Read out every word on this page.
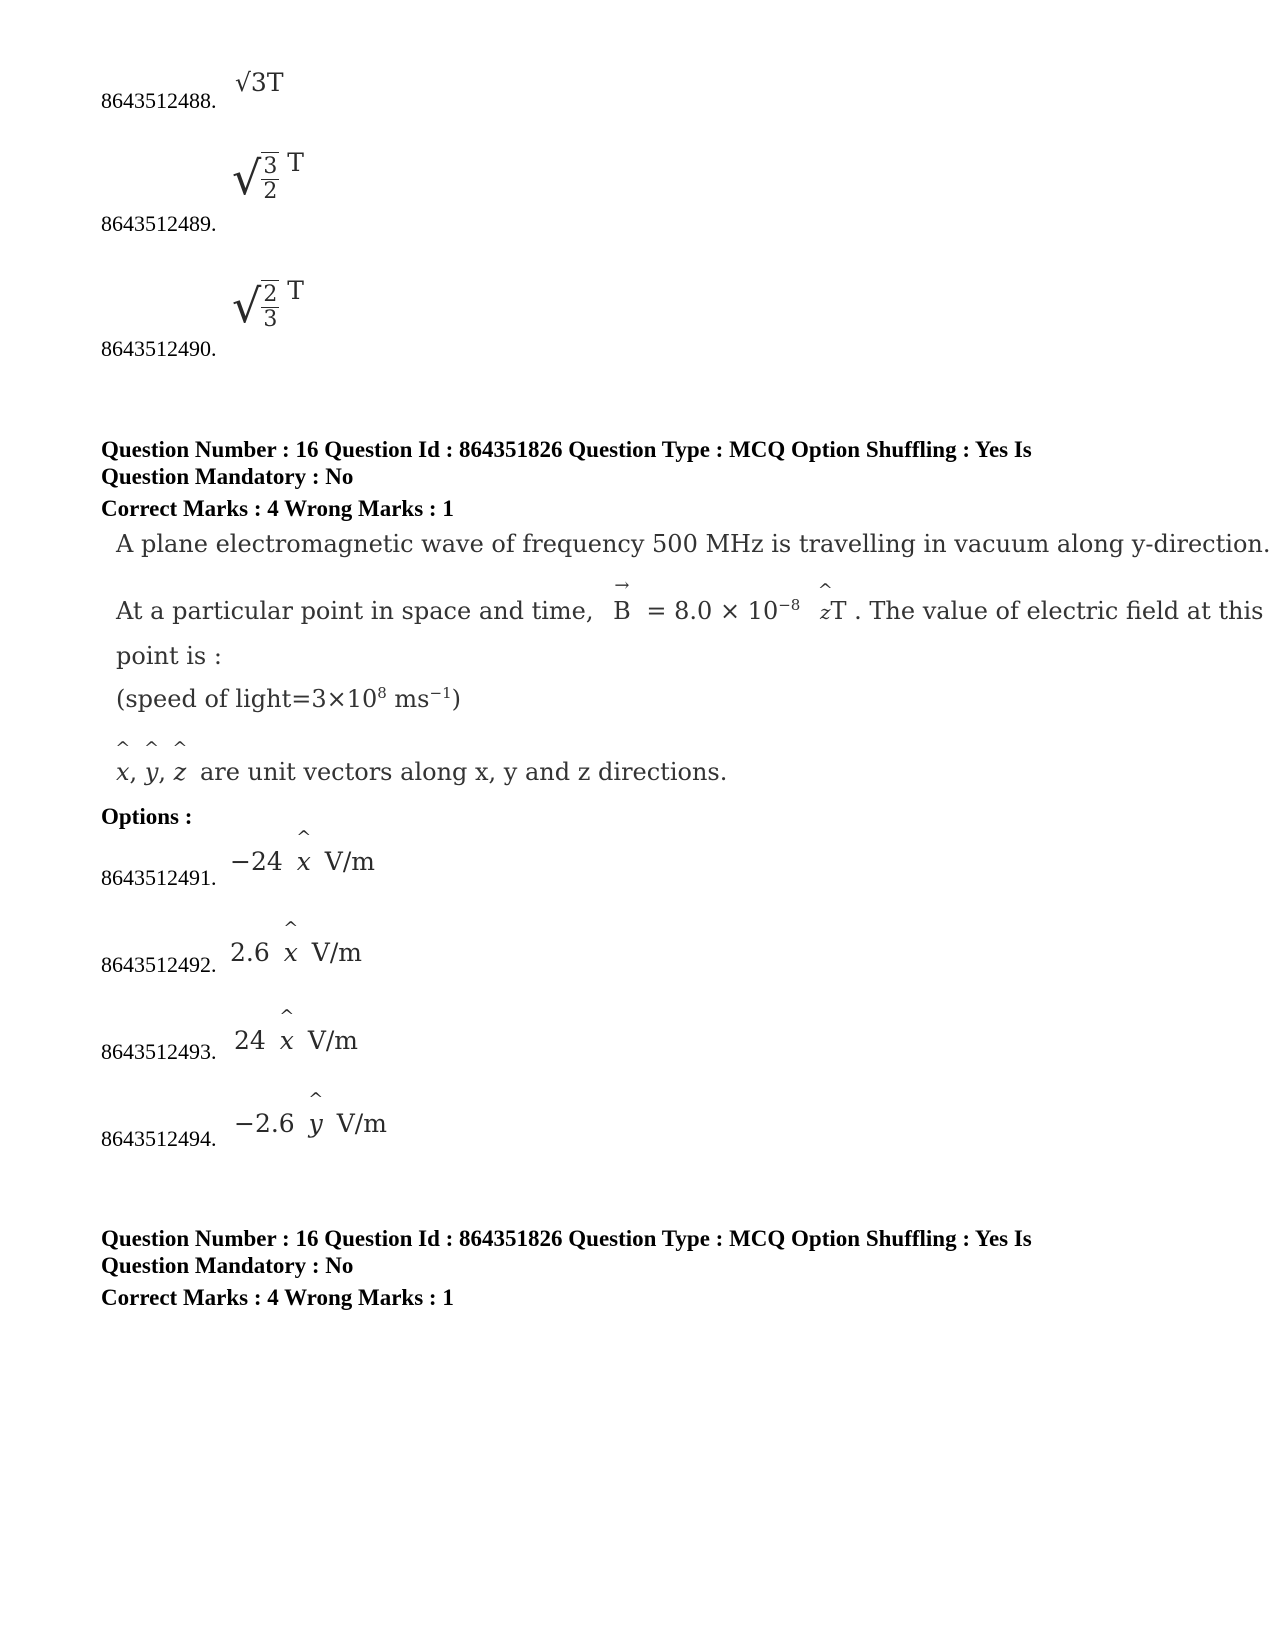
8643512488.
√3T
8643512489.
√ $\frac{3}{2}$ T
8643512490.
√ $\frac{2}{3}$ T
Question Number : 16 Question Id : 864351826 Question Type : MCQ Option Shuffling : Yes Is
Question Mandatory : No
Correct Marks : 4 Wrong Marks : 1
A plane electromagnetic wave of frequency 500 MHz is travelling in vacuum along y-direction.
At a particular point in space and time, → $B = 8.0 \times 10^{-8}$ ^ zT . The value of electric field at this
point is :
(speed of $light=3\times 10^8$ $ms^{-1}$)
^ x, ^ y, ^ z are unit vectors along x, y and z directions.
Options :
8643512491.
−24 ^ x V/m
8643512492. 2.6 ^ x V/m
8643512493. 24 ^ x V/m
8643512494.
−2.6 ^ y V/m
Question Number : 16 Question Id : 864351826 Question Type : MCQ Option Shuffling : Yes Is
Question Mandatory : No
Correct Marks : 4 Wrong Marks : 1
